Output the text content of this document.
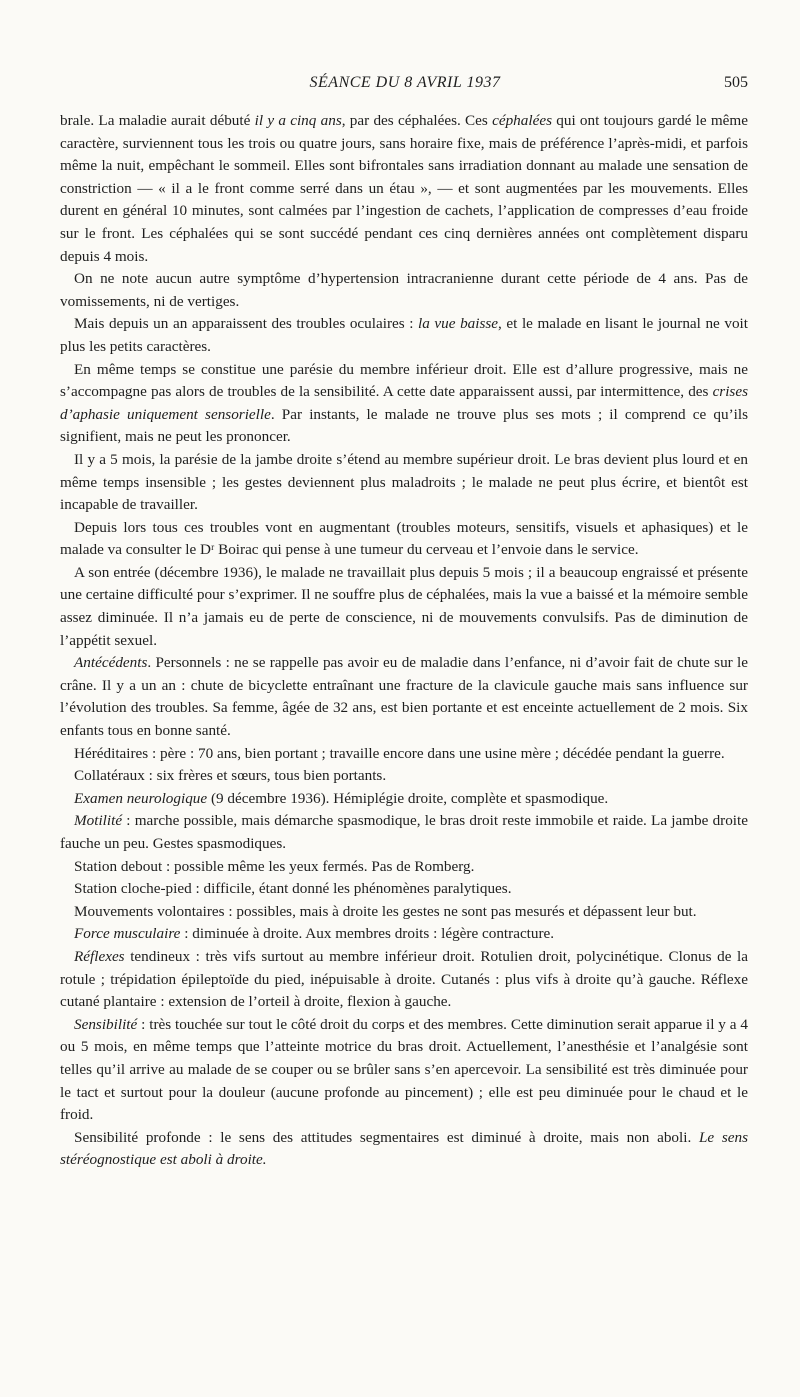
SÉANCE DU 8 AVRIL 1937	505

brale. La maladie aurait débuté il y a cinq ans, par des céphalées. Ces céphalées qui ont toujours gardé le même caractère, surviennent tous les trois ou quatre jours, sans horaire fixe, mais de préférence l’après-midi, et parfois même la nuit, empêchant le sommeil. Elles sont bifrontales sans irradiation donnant au malade une sensation de constriction — « il a le front comme serré dans un étau », — et sont augmentées par les mouvements. Elles durent en général 10 minutes, sont calmées par l’ingestion de cachets, l’application de compresses d’eau froide sur le front. Les céphalées qui se sont succédé pendant ces cinq dernières années ont complètement disparu depuis 4 mois.

On ne note aucun autre symptôme d’hypertension intracranienne durant cette période de 4 ans. Pas de vomissements, ni de vertiges.

Mais depuis un an apparaissent des troubles oculaires : la vue baisse, et le malade en lisant le journal ne voit plus les petits caractères.

En même temps se constitue une parésie du membre inférieur droit. Elle est d’allure progressive, mais ne s’accompagne pas alors de troubles de la sensibilité. A cette date apparaissent aussi, par intermittence, des crises d’aphasie uniquement sensorielle. Par instants, le malade ne trouve plus ses mots ; il comprend ce qu’ils signifient, mais ne peut les prononcer.

Il y a 5 mois, la parésie de la jambe droite s’étend au membre supérieur droit. Le bras devient plus lourd et en même temps insensible ; les gestes deviennent plus maladroits ; le malade ne peut plus écrire, et bientôt est incapable de travailler.

Depuis lors tous ces troubles vont en augmentant (troubles moteurs, sensitifs, visuels et aphasiques) et le malade va consulter le Dʳ Boirac qui pense à une tumeur du cerveau et l’envoie dans le service.

A son entrée (décembre 1936), le malade ne travaillait plus depuis 5 mois ; il a beaucoup engraissé et présente une certaine difficulté pour s’exprimer. Il ne souffre plus de céphalées, mais la vue a baissé et la mémoire semble assez diminuée. Il n’a jamais eu de perte de conscience, ni de mouvements convulsifs. Pas de diminution de l’appétit sexuel.

Antécédents. Personnels : ne se rappelle pas avoir eu de maladie dans l’enfance, ni d’avoir fait de chute sur le crâne. Il y a un an : chute de bicyclette entraînant une fracture de la clavicule gauche mais sans influence sur l’évolution des troubles. Sa femme, âgée de 32 ans, est bien portante et est enceinte actuellement de 2 mois. Six enfants tous en bonne santé.

Héréditaires : père : 70 ans, bien portant ; travaille encore dans une usine mère ; décédée pendant la guerre.

Collatéraux : six frères et sœurs, tous bien portants.

Examen neurologique (9 décembre 1936). Hémiplégie droite, complète et spasmodique.

Motilité : marche possible, mais démarche spasmodique, le bras droit reste immobile et raide. La jambe droite fauche un peu. Gestes spasmodiques.

Station debout : possible même les yeux fermés. Pas de Romberg.

Station cloche-pied : difficile, étant donné les phénomènes paralytiques.

Mouvements volontaires : possibles, mais à droite les gestes ne sont pas mesurés et dépassent leur but.

Force musculaire : diminuée à droite. Aux membres droits : légère contracture.

Réflexes tendineux : très vifs surtout au membre inférieur droit. Rotulien droit, polycinétique. Clonus de la rotule ; trépidation épileptoïde du pied, inépuisable à droite. Cutanés : plus vifs à droite qu’à gauche. Réflexe cutané plantaire : extension de l’orteil à droite, flexion à gauche.

Sensibilité : très touchée sur tout le côté droit du corps et des membres. Cette diminution serait apparue il y a 4 ou 5 mois, en même temps que l’atteinte motrice du bras droit. Actuellement, l’anesthésie et l’analgésie sont telles qu’il arrive au malade de se couper ou se brûler sans s’en apercevoir. La sensibilité est très diminuée pour le tact et surtout pour la douleur (aucune profonde au pincement) ; elle est peu diminuée pour le chaud et le froid.

Sensibilité profonde : le sens des attitudes segmentaires est diminué à droite, mais non aboli. Le sens stéréognostique est aboli à droite.
